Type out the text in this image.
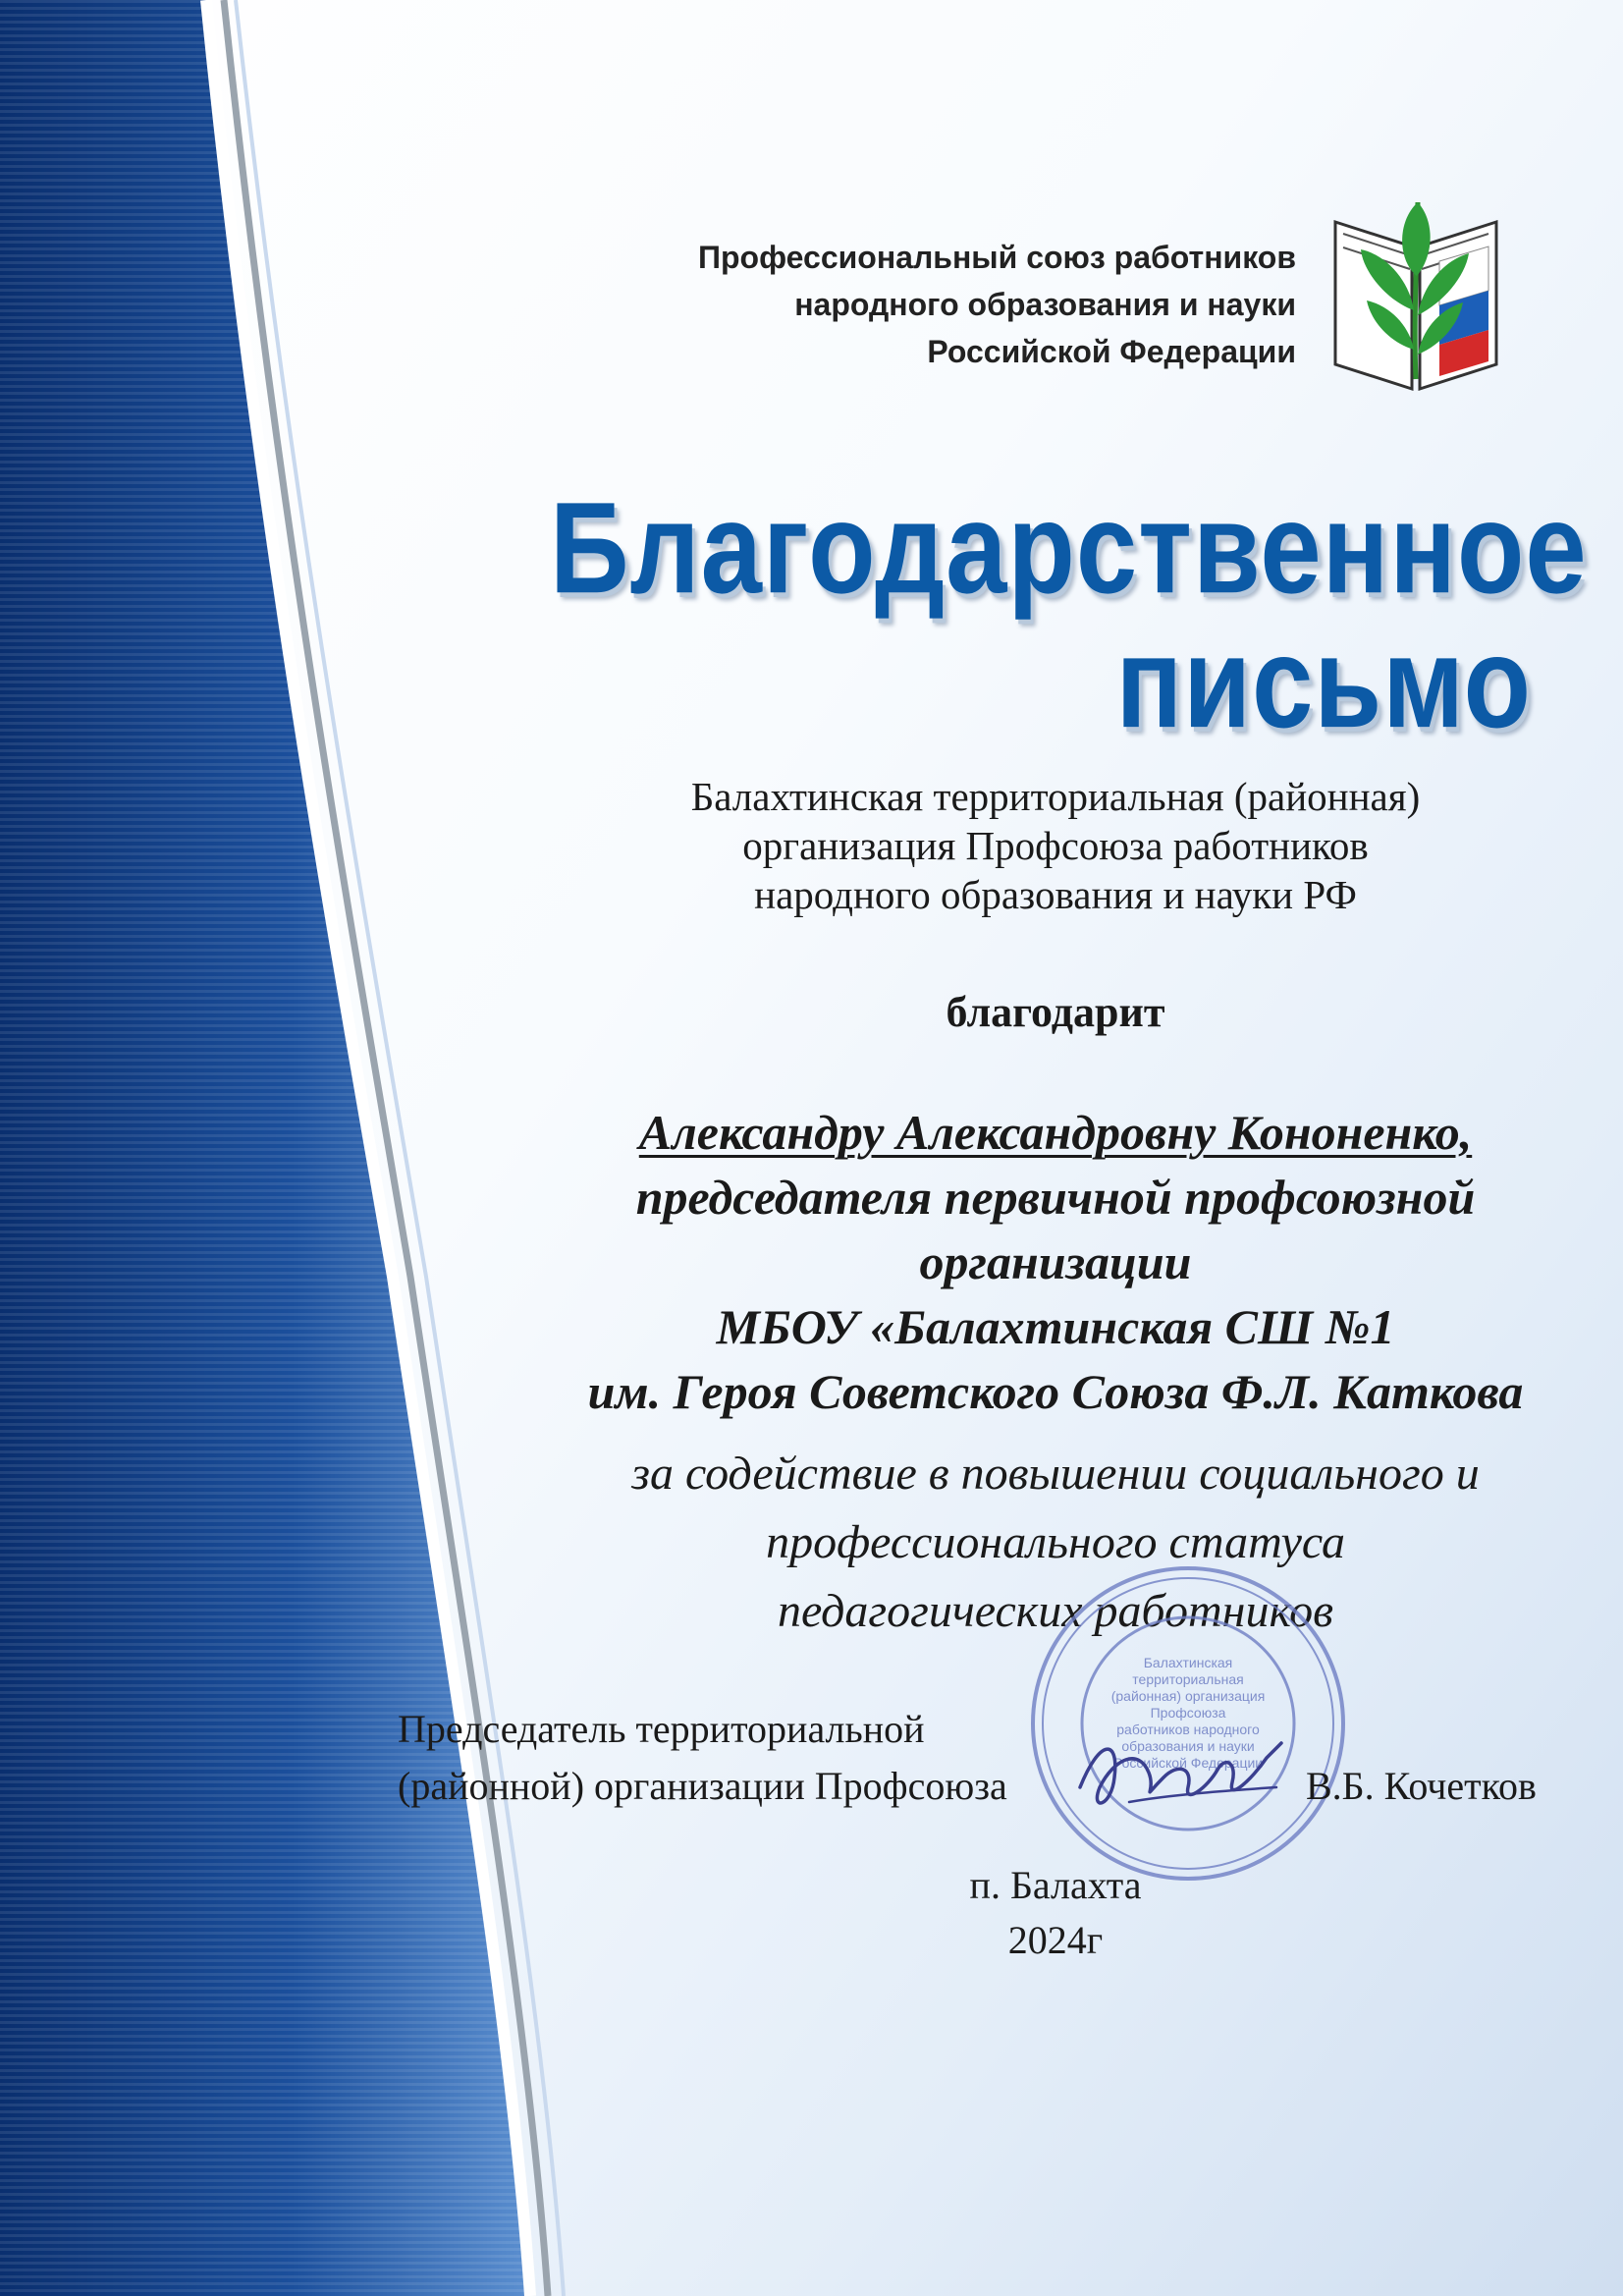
Профессиональный союз работников
народного образования и науки
Российской Федерации
Благодарственное
письмо
Балахтинская территориальная (районная)
организация Профсоюза работников
народного образования и науки РФ
благодарит
Александру Александровну Кононенко,
председателя первичной профсоюзной
организации
МБОУ «Балахтинская СШ №1
им. Героя Советского Союза Ф.Л. Каткова
за содействие в повышении социального и
профессионального статуса
педагогических работников
Балахтинская
территориальная
(районная) организация
Профсоюза
работников народного
образования и науки
Российской Федерации
Председатель территориальной
(районной) организации Профсоюза	В.Б. Кочетков
п. Балахта
2024г
